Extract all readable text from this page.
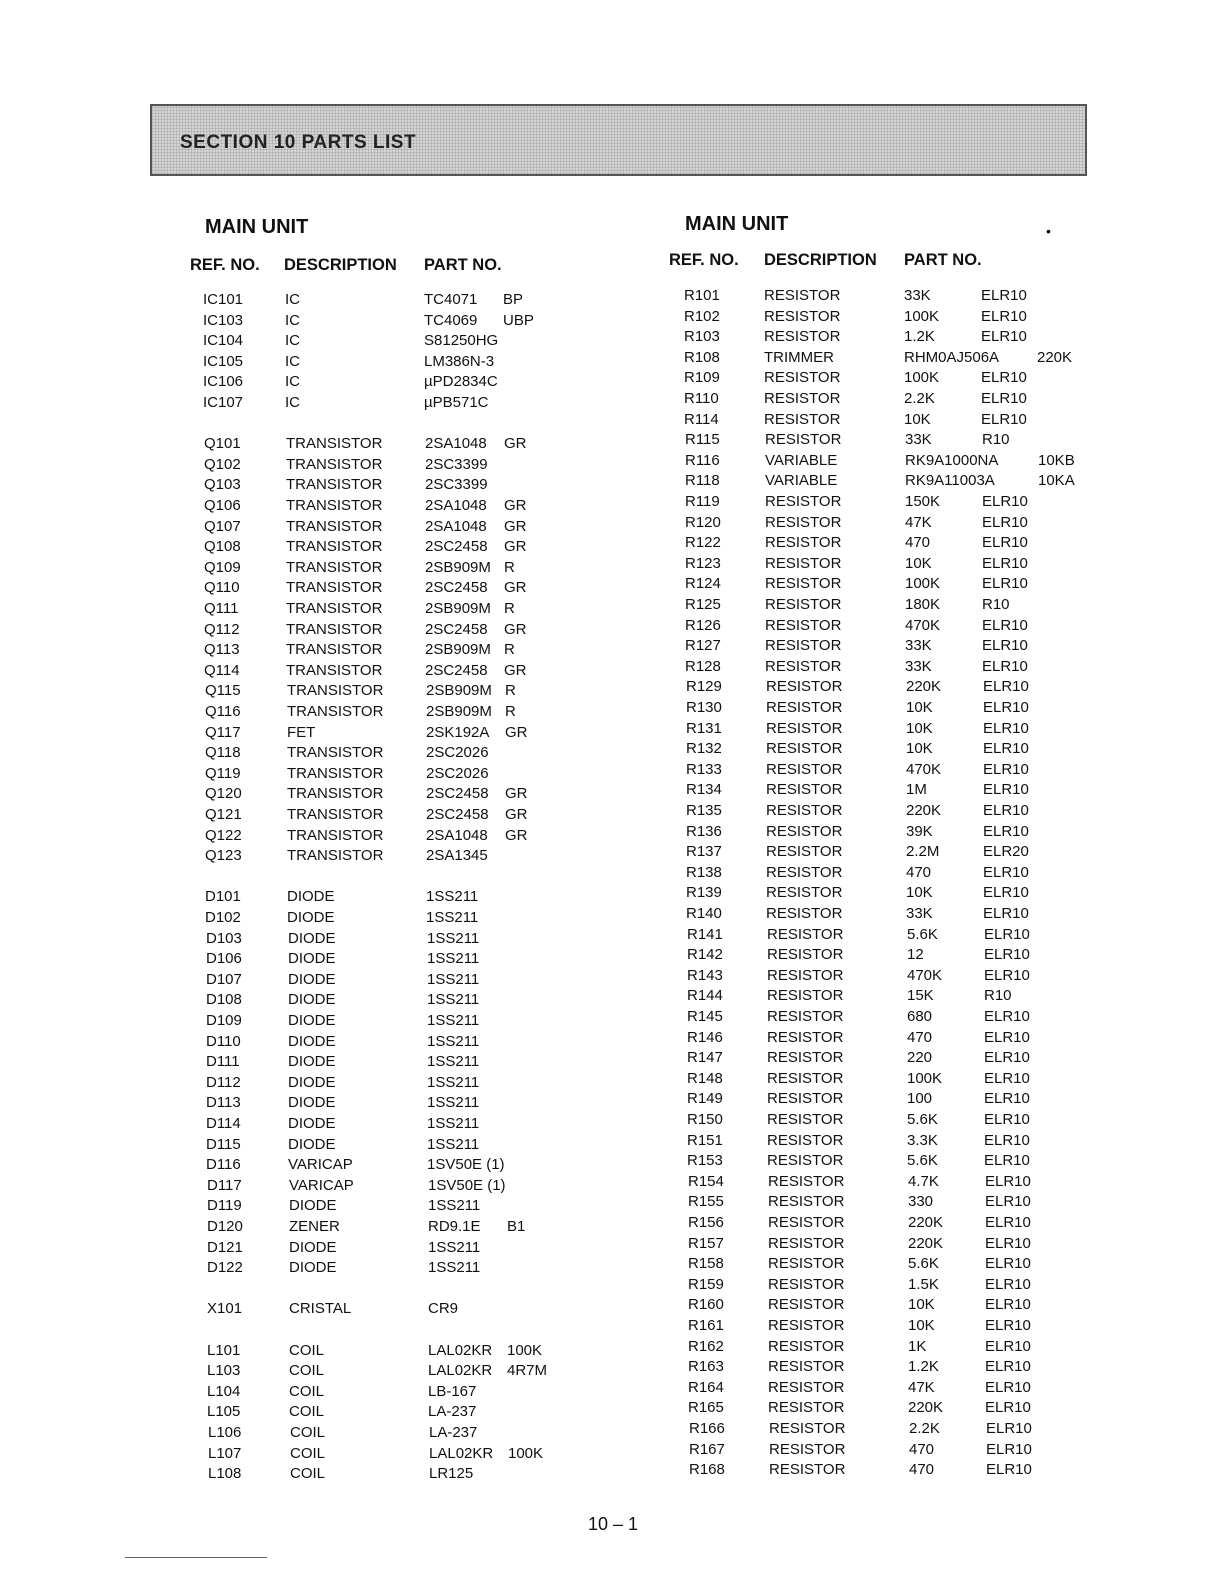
SECTION 10 PARTS LIST
MAIN UNIT
REF. NO. DESCRIPTION PART NO.
MAIN UNIT
REF. NO. DESCRIPTION PART NO.
•
IC101	IC	TC4071 BP
IC103	IC	TC4069 UBP
IC104	IC	S81250HG
IC105	IC	LM386N-3
IC106	IC	µPD2834C
IC107	IC	µPB571C
Q101	TRANSISTOR	2SA1048 GR
Q102	TRANSISTOR	2SC3399
Q103	TRANSISTOR	2SC3399
Q106	TRANSISTOR	2SA1048 GR
Q107	TRANSISTOR	2SA1048 GR
Q108	TRANSISTOR	2SC2458 GR
Q109	TRANSISTOR	2SB909M R
Q110	TRANSISTOR	2SC2458 GR
Q111	TRANSISTOR	2SB909M R
Q112	TRANSISTOR	2SC2458 GR
Q113	TRANSISTOR	2SB909M R
Q114	TRANSISTOR	2SC2458 GR
Q115	TRANSISTOR	2SB909M R
Q116	TRANSISTOR	2SB909M R
Q117	FET	2SK192A GR
Q118	TRANSISTOR	2SC2026
Q119	TRANSISTOR	2SC2026
Q120	TRANSISTOR	2SC2458 GR
Q121	TRANSISTOR	2SC2458 GR
Q122	TRANSISTOR	2SA1048 GR
Q123	TRANSISTOR	2SA1345
D101	DIODE	1SS211
D102	DIODE	1SS211
D103	DIODE	1SS211
D106	DIODE	1SS211
D107	DIODE	1SS211
D108	DIODE	1SS211
D109	DIODE	1SS211
D110	DIODE	1SS211
D111	DIODE	1SS211
D112	DIODE	1SS211
D113	DIODE	1SS211
D114	DIODE	1SS211
D115	DIODE	1SS211
D116	VARICAP	1SV50E (1)
D117	VARICAP	1SV50E (1)
D119	DIODE	1SS211
D120	ZENER	RD9.1E B1
D121	DIODE	1SS211
D122	DIODE	1SS211
X101	CRISTAL	CR9
L101	COIL	LAL02KR 100K
L103	COIL	LAL02KR 4R7M
L104	COIL	LB-167
L105	COIL	LA-237
L106	COIL	LA-237
L107	COIL	LAL02KR 100K
L108	COIL	LR125
R101	RESISTOR	33K	ELR10
R102	RESISTOR	100K	ELR10
R103	RESISTOR	1.2K	ELR10
R108	TRIMMER	RHM0AJ506A	220K
R109	RESISTOR	100K	ELR10
R110	RESISTOR	2.2K	ELR10
R114	RESISTOR	10K	ELR10
R115	RESISTOR	33K	R10
R116	VARIABLE	RK9A1000NA	10KB
R118	VARIABLE	RK9A11003A	10KA
R119	RESISTOR	150K	ELR10
R120	RESISTOR	47K	ELR10
R122	RESISTOR	470	ELR10
R123	RESISTOR	10K	ELR10
R124	RESISTOR	100K	ELR10
R125	RESISTOR	180K	R10
R126	RESISTOR	470K	ELR10
R127	RESISTOR	33K	ELR10
R128	RESISTOR	33K	ELR10
R129	RESISTOR	220K	ELR10
R130	RESISTOR	10K	ELR10
R131	RESISTOR	10K	ELR10
R132	RESISTOR	10K	ELR10
R133	RESISTOR	470K	ELR10
R134	RESISTOR	1M	ELR10
R135	RESISTOR	220K	ELR10
R136	RESISTOR	39K	ELR10
R137	RESISTOR	2.2M	ELR20
R138	RESISTOR	470	ELR10
R139	RESISTOR	10K	ELR10
R140	RESISTOR	33K	ELR10
R141	RESISTOR	5.6K	ELR10
R142	RESISTOR	12	ELR10
R143	RESISTOR	470K	ELR10
R144	RESISTOR	15K	R10
R145	RESISTOR	680	ELR10
R146	RESISTOR	470	ELR10
R147	RESISTOR	220	ELR10
R148	RESISTOR	100K	ELR10
R149	RESISTOR	100	ELR10
R150	RESISTOR	5.6K	ELR10
R151	RESISTOR	3.3K	ELR10
R153	RESISTOR	5.6K	ELR10
R154	RESISTOR	4.7K	ELR10
R155	RESISTOR	330	ELR10
R156	RESISTOR	220K	ELR10
R157	RESISTOR	220K	ELR10
R158	RESISTOR	5.6K	ELR10
R159	RESISTOR	1.5K	ELR10
R160	RESISTOR	10K	ELR10
R161	RESISTOR	10K	ELR10
R162	RESISTOR	1K	ELR10
R163	RESISTOR	1.2K	ELR10
R164	RESISTOR	47K	ELR10
R165	RESISTOR	220K	ELR10
R166	RESISTOR	2.2K	ELR10
R167	RESISTOR	470	ELR10
R168	RESISTOR	470	ELR10
10 – 1
